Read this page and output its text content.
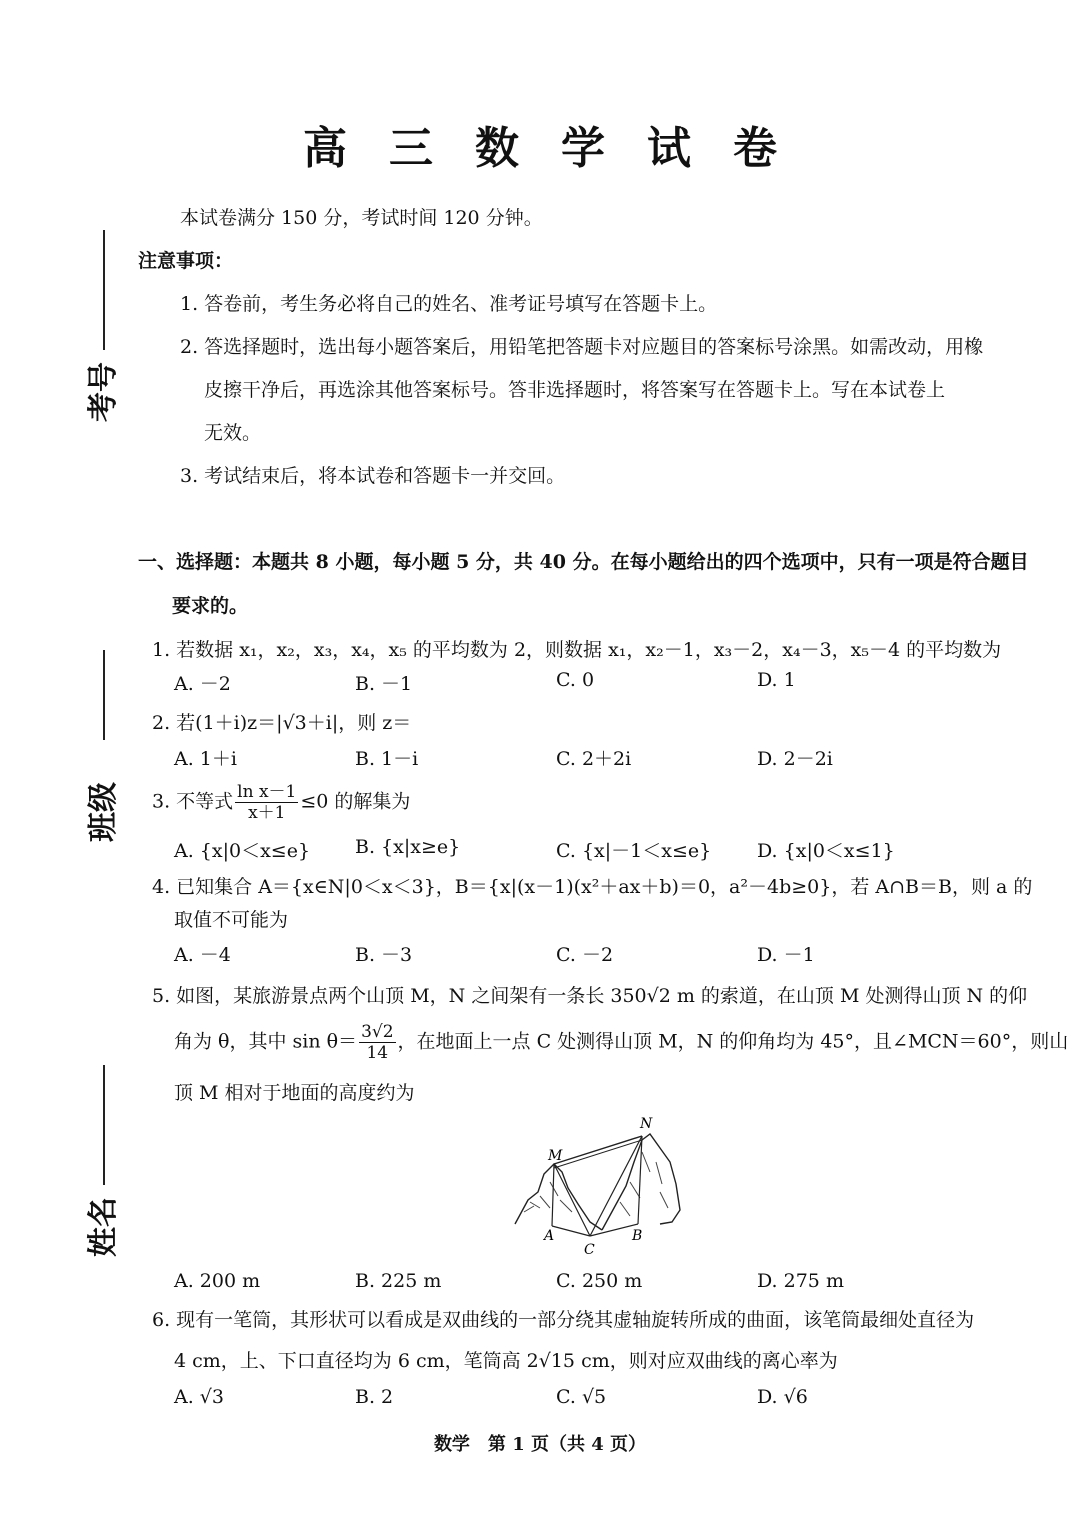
高三数学试卷
本试卷满分 150 分，考试时间 120 分钟。
注意事项：
1. 答卷前，考生务必将自己的姓名、准考证号填写在答题卡上。
2. 答选择题时，选出每小题答案后，用铅笔把答题卡对应题目的答案标号涂黑。如需改动，用橡
皮擦干净后，再选涂其他答案标号。答非选择题时，将答案写在答题卡上。写在本试卷上
无效。
3. 考试结束后，将本试卷和答题卡一并交回。
考号
班级
姓名
一、选择题：本题共 8 小题，每小题 5 分，共 40 分。在每小题给出的四个选项中，只有一项是符合题目
要求的。
1. 若数据 x₁，x₂，x₃，x₄，x₅ 的平均数为 2，则数据 x₁，x₂－1，x₃－2，x₄－3，x₅－4 的平均数为
A. －2	B. －1	C. 0	D. 1
2. 若(1＋i)z＝|√3＋i|，则 z＝
A. 1＋i	B. 1－i	C. 2＋2i	D. 2－2i
3. 不等式 $\frac{\text{ln x－1}}{x+1} \le 0$ 的解集为
A. {x|0＜x≤e} B. {x|x≥e}	C. {x|－1＜x≤e} D. {x|0＜x≤1}
4. 已知集合 A＝{x∈N|0＜x＜3}，B＝{x|(x－1)(x²＋ax＋b)＝0，a²－4b≥0}，若 A∩B＝B，则 a 的
取值不可能为
A. －4	B. －3	C. －2	D. －1
5. 如图，某旅游景点两个山顶 M，N 之间架有一条长 350√2 m 的索道，在山顶 M 处测得山顶 N 的仰
角为 θ，其中 $\sin \theta= \frac{3√2}{14}$ ，在地面上一点 C 处测得山顶 M，N 的仰角均为 45°，且∠MCN＝60°，则山
顶 M 相对于地面的高度约为
M
N
A	B
C
A. 200 m	B. 225 m	C. 250 m	D. 275 m
6. 现有一笔筒，其形状可以看成是双曲线的一部分绕其虚轴旋转所成的曲面，该笔筒最细处直径为
4 cm，上、下口直径均为 6 cm，笔筒高 2√15 cm，则对应双曲线的离心率为
A. √3	B. 2	C. √5	D. √6
数学　第 1 页（共 4 页）
